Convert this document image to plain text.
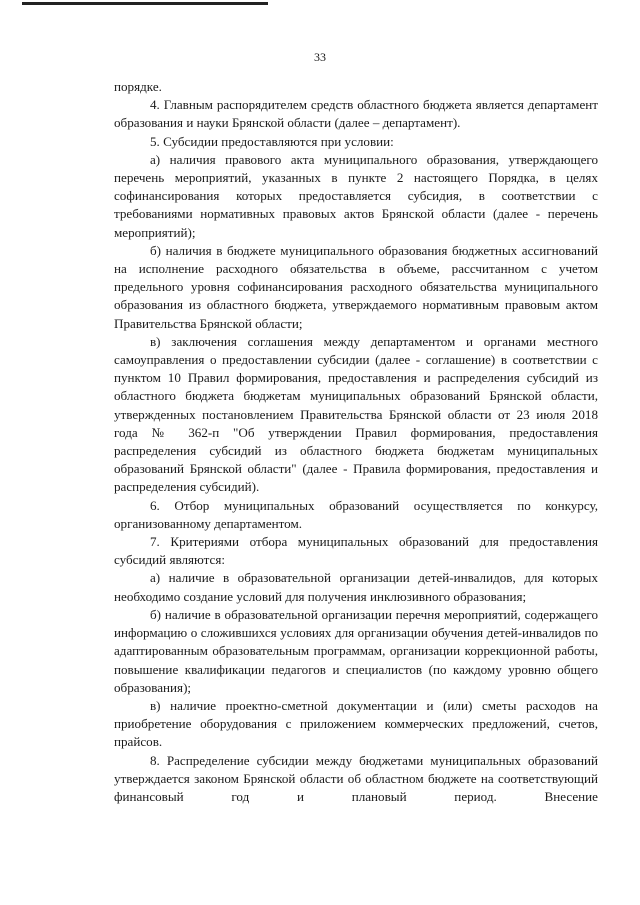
33

порядке.

4. Главным распорядителем средств областного бюджета является департамент образования и науки Брянской области (далее – департамент).

5. Субсидии предоставляются при условии:

а) наличия правового акта муниципального образования, утверждающего перечень мероприятий, указанных в пункте 2 настоящего Порядка, в целях софинансирования которых предоставляется субсидия, в соответствии с требованиями нормативных правовых актов Брянской области (далее - перечень мероприятий);

б) наличия в бюджете муниципального образования бюджетных ассигнований на исполнение расходного обязательства в объеме, рассчитанном с учетом предельного уровня софинансирования расходного обязательства муниципального образования из областного бюджета, утверждаемого нормативным правовым актом Правительства Брянской области;

в) заключения соглашения между департаментом и органами местного самоуправления о предоставлении субсидии (далее - соглашение) в соответствии с пунктом 10 Правил формирования, предоставления и распределения субсидий из областного бюджета бюджетам муниципальных образований Брянской области, утвержденных постановлением Правительства Брянской области от 23 июля 2018 года № 362-п "Об утверждении Правил формирования, предоставления распределения субсидий из областного бюджета бюджетам муниципальных образований Брянской области" (далее - Правила формирования, предоставления и распределения субсидий).

6. Отбор муниципальных образований осуществляется по конкурсу, организованному департаментом.

7. Критериями отбора муниципальных образований для предоставления субсидий являются:

а) наличие в образовательной организации детей-инвалидов, для которых необходимо создание условий для получения инклюзивного образования;

б) наличие в образовательной организации перечня мероприятий, содержащего информацию о сложившихся условиях для организации обучения детей-инвалидов по адаптированным образовательным программам, организации коррекционной работы, повышение квалификации педагогов и специалистов (по каждому уровню общего образования);

в) наличие проектно-сметной документации и (или) сметы расходов на приобретение оборудования с приложением коммерческих предложений, счетов, прайсов.

8. Распределение субсидии между бюджетами муниципальных образований утверждается законом Брянской области об областном бюджете на соответствующий финансовый год и плановый период. Внесение
